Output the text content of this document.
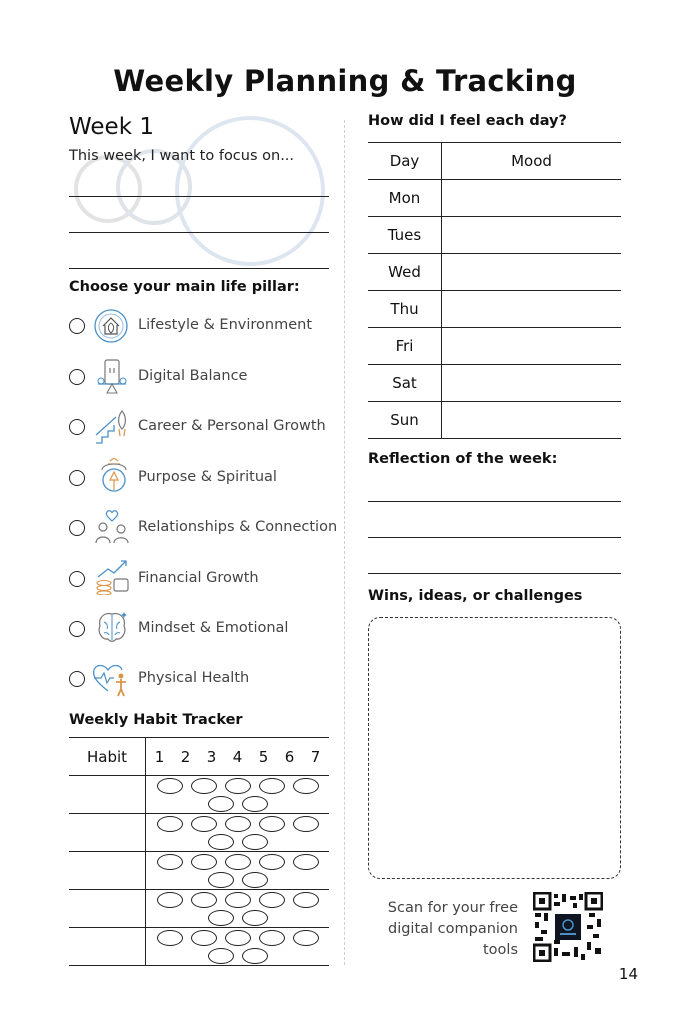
Weekly Planning & Tracking
Week 1
This week, I want to focus on...
Choose your main life pillar:
Lifestyle & Environment
Digital Balance
Career & Personal Growth
Purpose & Spiritual
Relationships & Connection
Financial Growth
Mindset & Emotional
Physical Health
Weekly Habit Tracker
Habit	1 2 3 4 5 6 7

How did I feel each day?
Day	Mood
Mon	
Tues	
Wed	
Thu	
Fri	
Sat	
Sun	
Reflection of the week:
Wins, ideas, or challenges
Scan for your free
digital companion
tools
14
